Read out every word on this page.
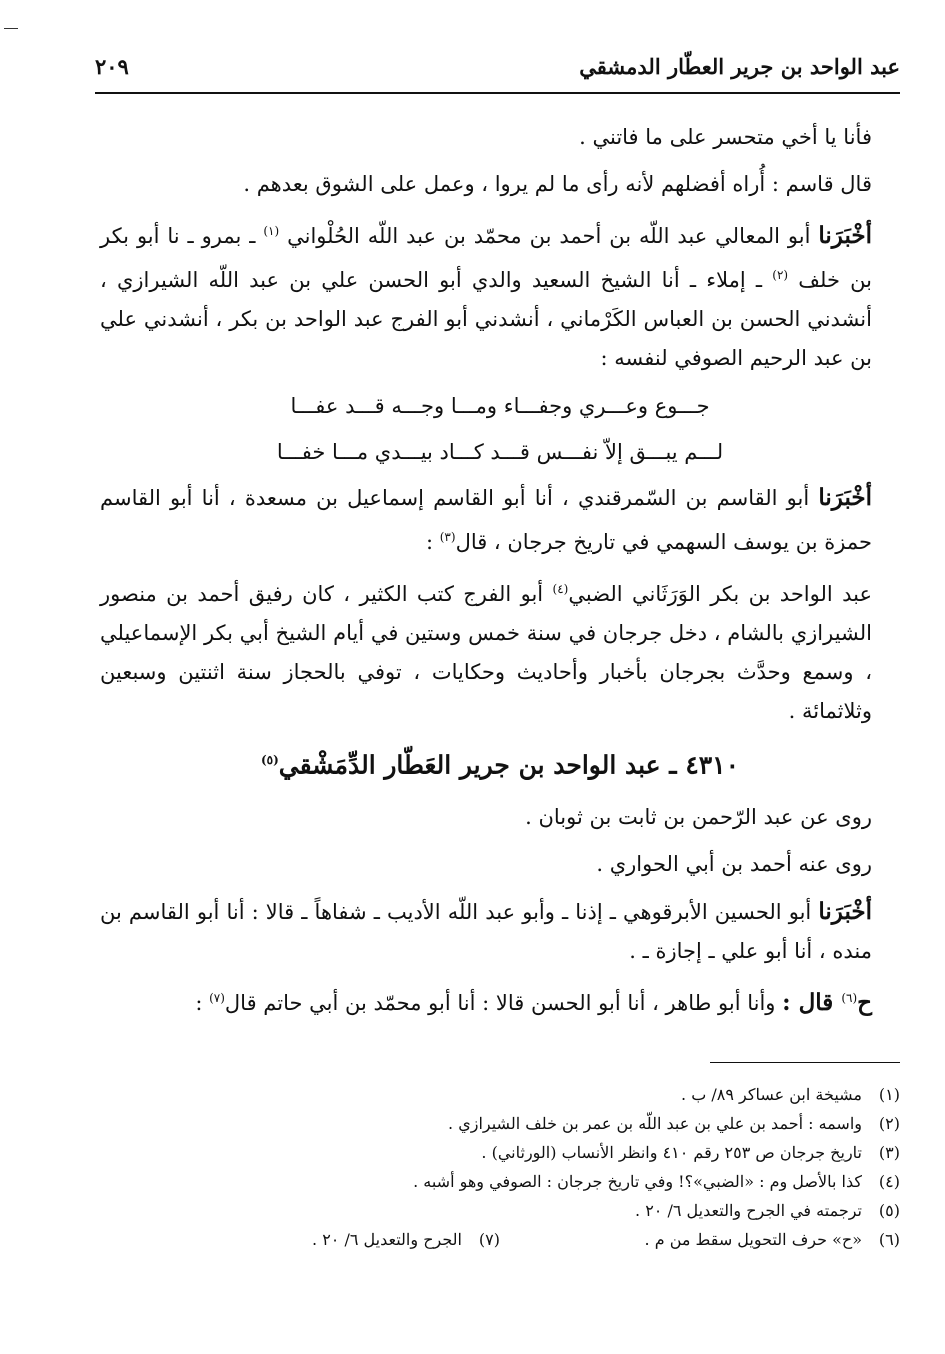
عبد الواحد بن جرير العطّار الدمشقي
٢٠٩

فأنا يا أخي متحسر على ما فاتني .

قال قاسم : أُراه أفضلهم لأنه رأى ما لم يروا ، وعمل على الشوق بعدهم .

أخْبَرَنا أبو المعالي عبد اللّه بن أحمد بن محمّد بن عبد اللّه الحُلْواني $^{(١)}$ ـ بمرو ـ نا أبو بكر بن خلف $^{(٢)}$ ـ إملاء ـ أنا الشيخ السعيد والدي أبو الحسن علي بن عبد اللّه الشيرازي ، أنشدني الحسن بن العباس الكَرْماني ، أنشدني أبو الفرج عبد الواحد بن بكر ، أنشدني علي بن عبد الرحيم الصوفي لنفسه :

جـــوع وعـــري وجفـــاء ومـــا وجـــه قـــد عفـــا
لـــم يبـــق إلاّ نفـــس قـــد كـــاد بيـــدي مـــا خفـــا

أخْبَرَنا أبو القاسم بن السّمرقندي ، أنا أبو القاسم إسماعيل بن مسعدة ، أنا أبو القاسم حمزة بن يوسف السهمي في تاريخ جرجان ، قال$^{(٣)}$ :

عبد الواحد بن بكر الوَرَثَاني الضبي$^{(٤)}$ أبو الفرج كتب الكثير ، كان رفيق أحمد بن منصور الشيرازي بالشام ، دخل جرجان في سنة خمس وستين في أيام الشيخ أبي بكر الإسماعيلي ، وسمع وحدَّث بجرجان بأخبار وأحاديث وحكايات ، توفي بالحجاز سنة اثنتين وسبعين وثلاثمائة .

٤٣١٠ ـ عبد الواحد بن جرير العَطّار الدِّمَشْقي$^{(٥)}$

روى عن عبد الرّحمن بن ثابت بن ثوبان .

روى عنه أحمد بن أبي الحواري .

أخْبَرَنا أبو الحسين الأبرقوهي ـ إذنا ـ وأبو عبد اللّه الأديب ـ شفاهاً ـ قالا : أنا أبو القاسم بن منده ، أنا أبو علي ـ إجازة ـ .

ح$^{(٦)}$ قال : وأنا أبو طاهر ، أنا أبو الحسن قالا : أنا أبو محمّد بن أبي حاتم قال$^{(٧)}$ :

(١)
مشيخة ابن عساكر ٨٩/ ب .
(٢)
واسمه : أحمد بن علي بن عبد اللّه بن عمر بن خلف الشيرازي .
(٣)
تاريخ جرجان ص ٢٥٣ رقم ٤١٠ وانظر الأنساب (الورثاني) .
(٤)
كذا بالأصل وم : «الضبي»؟! وفي تاريخ جرجان : الصوفي وهو أشبه .
(٥)
ترجمته في الجرح والتعديل ٦/ ٢٠ .
(٦)
«ح» حرف التحويل سقط من م .
(٧)
الجرح والتعديل ٦/ ٢٠ .
